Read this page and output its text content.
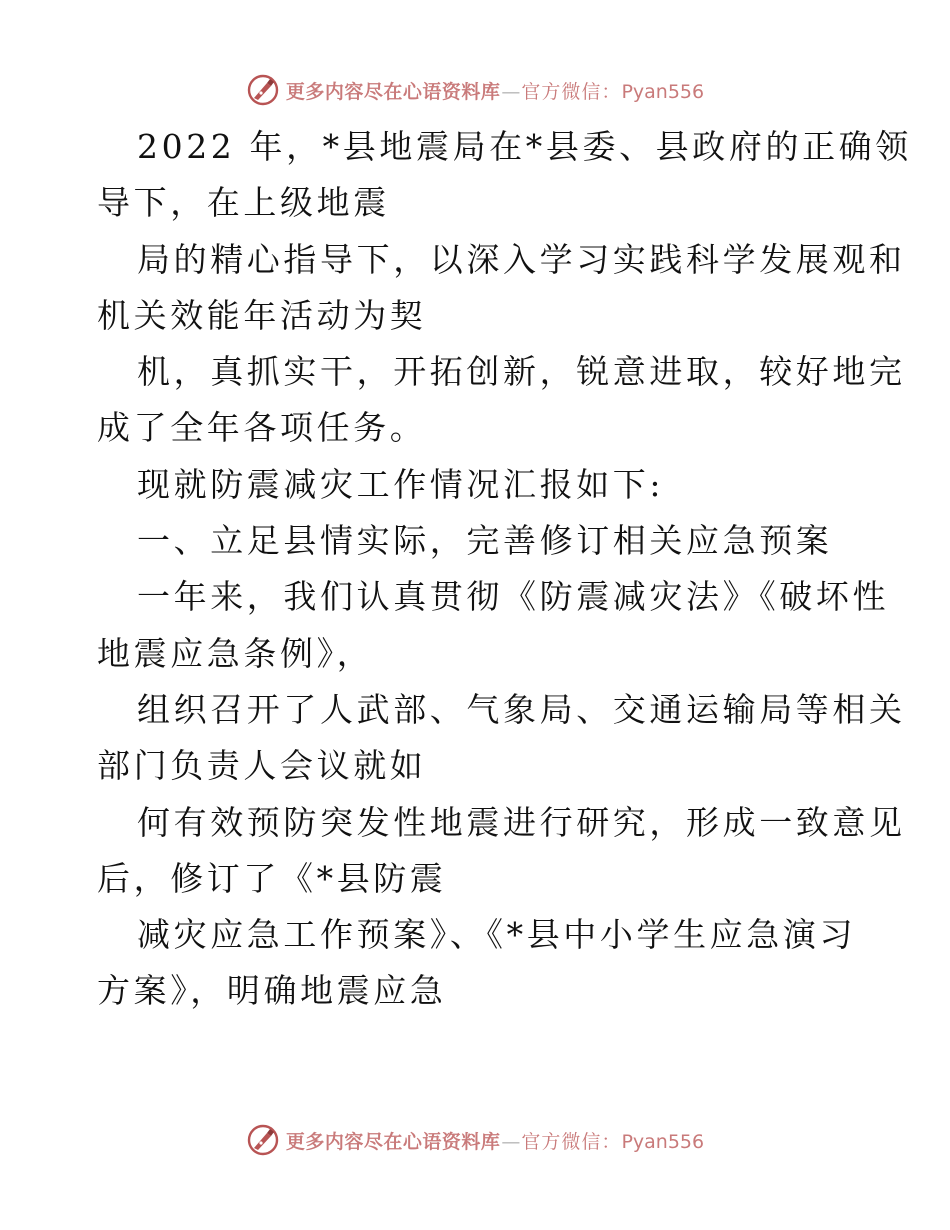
更多内容尽在心语资料库 — 官方微信： Pyan556
2022 年，*县地震局在*县委、县政府的正确领
导下，在上级地震
局的精心指导下，以深入学习实践科学发展观和
机关效能年活动为契
机，真抓实干，开拓创新，锐意进取，较好地完
成了全年各项任务。
现就防震减灾工作情况汇报如下:
一、立足县情实际，完善修订相关应急预案
一年来，我们认真贯彻《防震减灾法》《破坏性
地震应急条例》，
组织召开了人武部、气象局、交通运输局等相关
部门负责人会议就如
何有效预防突发性地震进行研究，形成一致意见
后，修订了《*县防震
减灾应急工作预案》、《*县中小学生应急演习
方案》，明确地震应急
更多内容尽在心语资料库 — 官方微信： Pyan556
